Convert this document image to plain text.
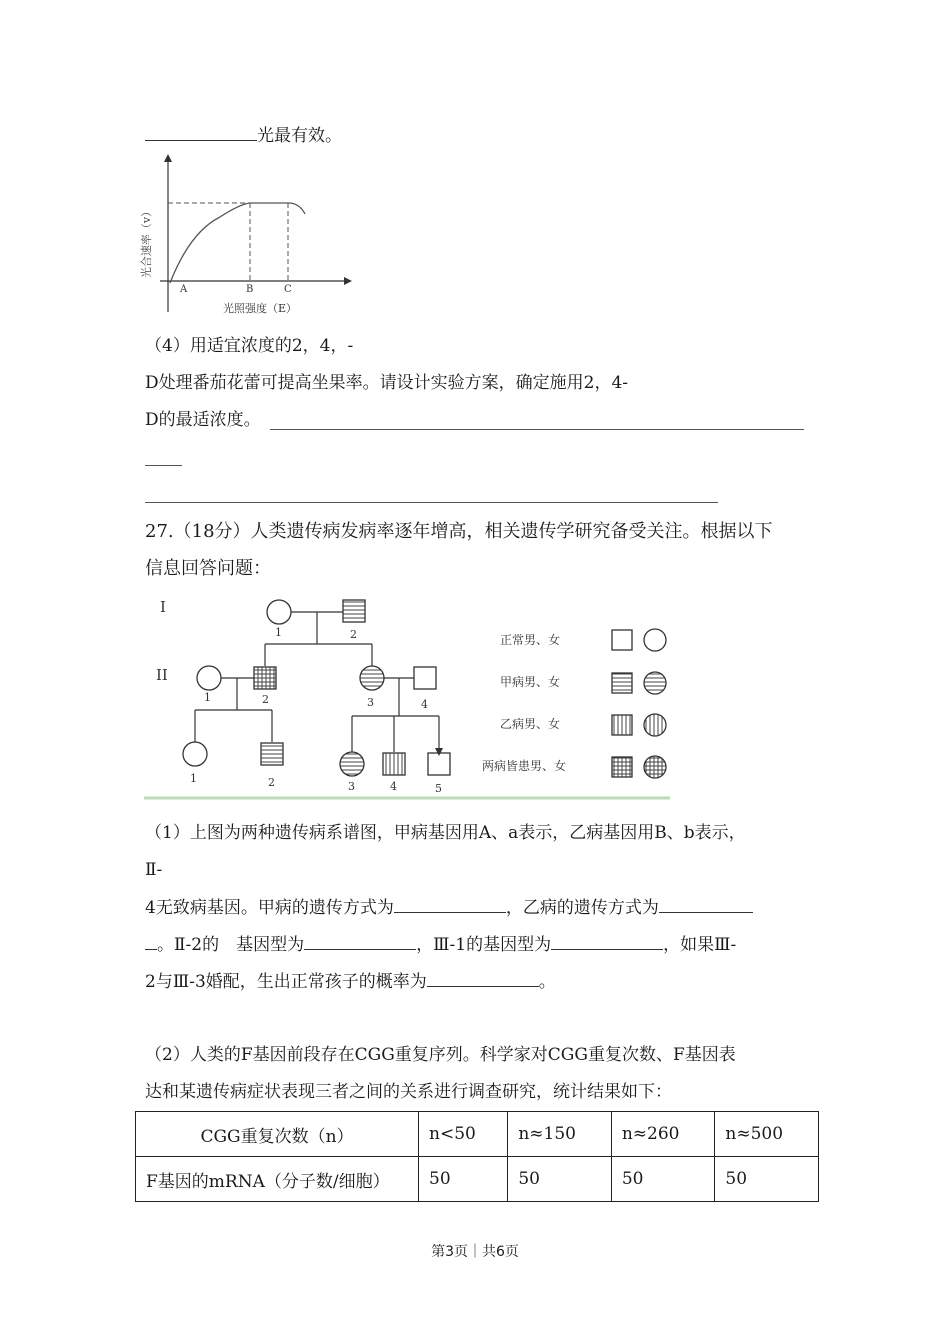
光最有效。
光合速率（v）
A	B	C
光照强度（E）
（4）用适宜浓度的2，4，-
D处理番茄花蕾可提高坐果率。请设计实验方案，确定施用2，4-
D的最适浓度。
27.（18分）人类遗传病发病率逐年增高，相关遗传学研究备受关注。根据以下
信息回答问题：
I
II
1	2
1	2	3	4
1	2	3	4	5
正常男、女
甲病男、女
乙病男、女
两病皆患男、女
（1）上图为两种遗传病系谱图，甲病基因用A、a表示，乙病基因用B、b表示，
Ⅱ-
4无致病基因。甲病的遗传方式为	，乙病的遗传方式为
。Ⅱ-2的　基因型为	，Ⅲ-1的基因型为	，如果Ⅲ-
2与Ⅲ-3婚配，生出正常孩子的概率为	。
（2）人类的F基因前段存在CGG重复序列。科学家对CGG重复次数、F基因表
达和某遗传病症状表现三者之间的关系进行调查研究，统计结果如下：
CGG重复次数（n）	n<50	n≈150	n≈260	n≈500
F基因的mRNA（分子数/细胞）	50	50	50	50
第3页｜共6页
